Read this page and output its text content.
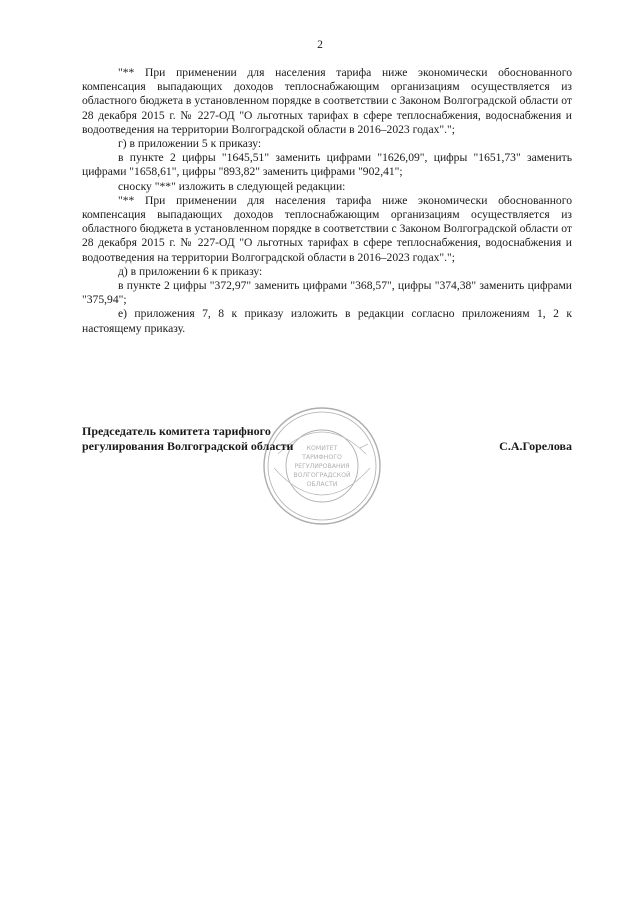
2

"** При применении для населения тарифа ниже экономически обоснованного компенсация выпадающих доходов теплоснабжающим организациям осуществляется из областного бюджета в установленном порядке в соответствии с Законом Волгоградской области от 28 декабря 2015 г. № 227-ОД "О льготных тарифах в сфере теплоснабжения, водоснабжения и водоотведения на территории Волгоградской области в 2016–2023 годах".";

г) в приложении 5 к приказу:

в пункте 2 цифры "1645,51" заменить цифрами "1626,09", цифры "1651,73" заменить цифрами "1658,61", цифры "893,82" заменить цифрами "902,41";

сноску "**" изложить в следующей редакции:

"** При применении для населения тарифа ниже экономически обоснованного компенсация выпадающих доходов теплоснабжающим организациям осуществляется из областного бюджета в установленном порядке в соответствии с Законом Волгоградской области от 28 декабря 2015 г. № 227-ОД "О льготных тарифах в сфере теплоснабжения, водоснабжения и водоотведения на территории Волгоградской области в 2016–2023 годах".";

д) в приложении 6 к приказу:

в пункте 2 цифры "372,97" заменить цифрами "368,57", цифры "374,38" заменить цифрами "375,94";

е) приложения 7, 8 к приказу изложить в редакции согласно приложениям 1, 2 к настоящему приказу.

КОМИТЕТ
ТАРИФНОГО
РЕГУЛИРОВАНИЯ
ВОЛГОГРАДСКОЙ
ОБЛАСТИ
Председатель комитета тарифного
регулирования Волгоградской области	С.А.Горелова
